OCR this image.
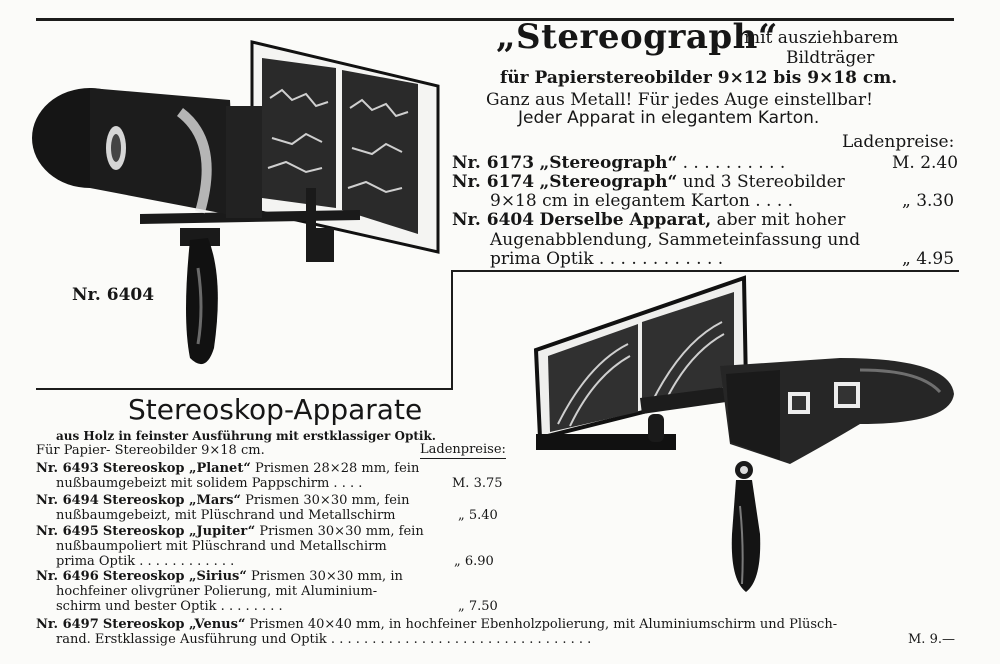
Nr. 6404
„Stereograph“
mit ausziehbarem
Bildträger
für Papierstereobilder 9×12 bis 9×18 cm.
Ganz aus Metall! Für jedes Auge einstellbar!
Jeder Apparat in elegantem Karton.
Ladenpreise:
Nr. 6173 „Stereograph“ . . . . . . . . . .	M. 2.40
Nr. 6174 „Stereograph“ und 3 Stereobilder
9×18 cm in elegantem Karton . . . .	„ 3.30
Nr. 6404 Derselbe Apparat, aber mit hoher
Augenabblendung, Sammeteinfassung und
prima Optik . . . . . . . . . . . .	„ 4.95
Stereoskop-Apparate
aus Holz in feinster Ausführung mit erstklassiger Optik.
Für Papier- Stereobilder 9×18 cm.	Ladenpreise:
Nr. 6493 Stereoskop „Planet“ Prismen 28×28 mm, fein
nußbaumgebeizt mit solidem Pappschirm . . . .	M. 3.75
Nr. 6494 Stereoskop „Mars“ Prismen 30×30 mm, fein
nußbaumgebeizt, mit Plüschrand und Metallschirm	„ 5.40
Nr. 6495 Stereoskop „Jupiter“ Prismen 30×30 mm, fein
nußbaumpoliert mit Plüschrand und Metallschirm
prima Optik . . . . . . . . . . . .	„ 6.90
Nr. 6496 Stereoskop „Sirius“ Prismen 30×30 mm, in
hochfeiner olivgrüner Polierung, mit Aluminium-
schirm und bester Optik . . . . . . . .	„ 7.50
Nr. 6497 Stereoskop „Venus“ Prismen 40×40 mm, in hochfeiner Ebenholzpolierung, mit Aluminiumschirm und Plüsch-
rand. Erstklassige Ausführung und Optik . . . . . . . . . . . . . . . . . . . . . . . . . . . . . . . .	M. 9.—
